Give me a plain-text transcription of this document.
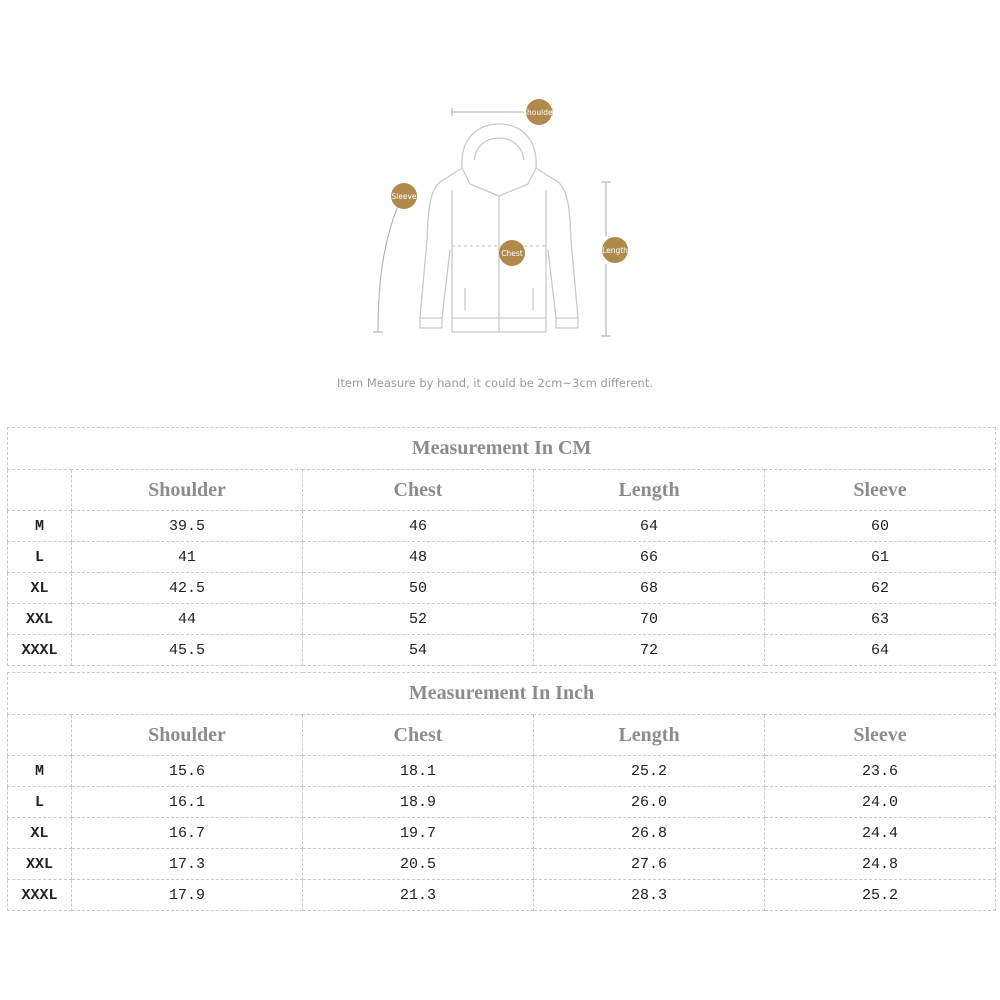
Shoulder
Sleeve
Chest	Length
Item Measure by hand, it could be 2cm~3cm different.
Measurement In CM				
	Shoulder	Chest	Length	Sleeve
M	39.5	46	64	60
L	41	48	66	61
XL	42.5	50	68	62
XXL	44	52	70	63
XXXL	45.5	54	72	64
Measurement In Inch				
	Shoulder	Chest	Length	Sleeve
M	15.6	18.1	25.2	23.6
L	16.1	18.9	26.0	24.0
XL	16.7	19.7	26.8	24.4
XXL	17.3	20.5	27.6	24.8
XXXL	17.9	21.3	28.3	25.2
